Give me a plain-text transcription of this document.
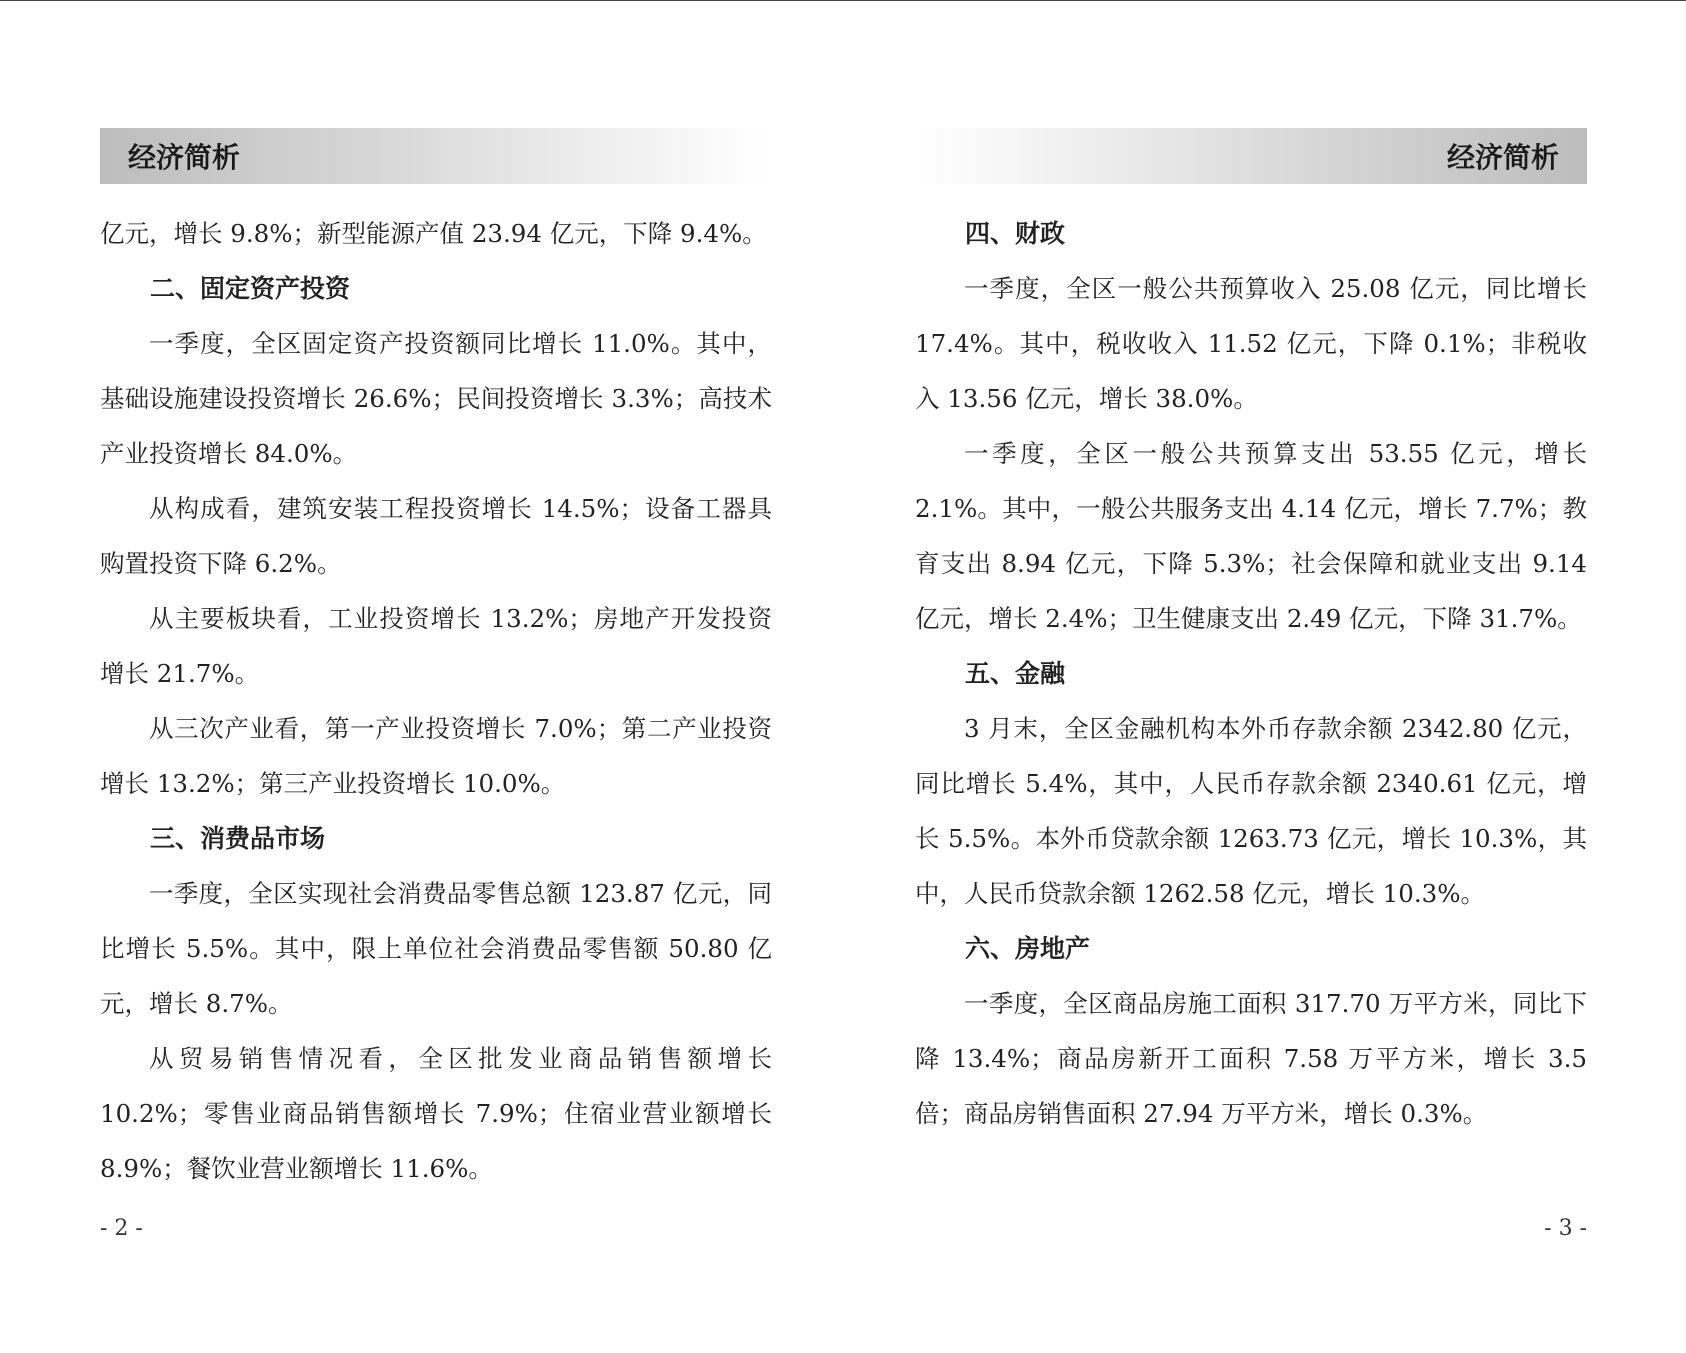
经济简析

亿元，增长 9.8%；新型能源产值 23.94 亿元，下降 9.4%。

二、固定资产投资

一季度，全区固定资产投资额同比增长 11.0%。其中，基础设施建设投资增长 26.6%；民间投资增长 3.3%；高技术产业投资增长 84.0%。

从构成看，建筑安装工程投资增长 14.5%；设备工器具购置投资下降 6.2%。

从主要板块看，工业投资增长 13.2%；房地产开发投资增长 21.7%。

从三次产业看，第一产业投资增长 7.0%；第二产业投资增长 13.2%；第三产业投资增长 10.0%。

三、消费品市场

一季度，全区实现社会消费品零售总额 123.87 亿元，同比增长 5.5%。其中，限上单位社会消费品零售额 50.80 亿元，增长 8.7%。

从贸易销售情况看，全区批发业商品销售额增长 10.2%；零售业商品销售额增长 7.9%；住宿业营业额增长 8.9%；餐饮业营业额增长 11.6%。

- 2 -
经济简析

四、财政

一季度，全区一般公共预算收入 25.08 亿元，同比增长 17.4%。其中，税收收入 11.52 亿元，下降 0.1%；非税收入 13.56 亿元，增长 38.0%。

一季度，全区一般公共预算支出 53.55 亿元，增长 2.1%。其中，一般公共服务支出 4.14 亿元，增长 7.7%；教育支出 8.94 亿元，下降 5.3%；社会保障和就业支出 9.14 亿元，增长 2.4%；卫生健康支出 2.49 亿元，下降 31.7%。

五、金融

3 月末，全区金融机构本外币存款余额 2342.80 亿元，同比增长 5.4%，其中，人民币存款余额 2340.61 亿元，增长 5.5%。本外币贷款余额 1263.73 亿元，增长 10.3%，其中，人民币贷款余额 1262.58 亿元，增长 10.3%。

六、房地产

一季度，全区商品房施工面积 317.70 万平方米，同比下降 13.4%；商品房新开工面积 7.58 万平方米，增长 3.5 倍；商品房销售面积 27.94 万平方米，增长 0.3%。

- 3 -
